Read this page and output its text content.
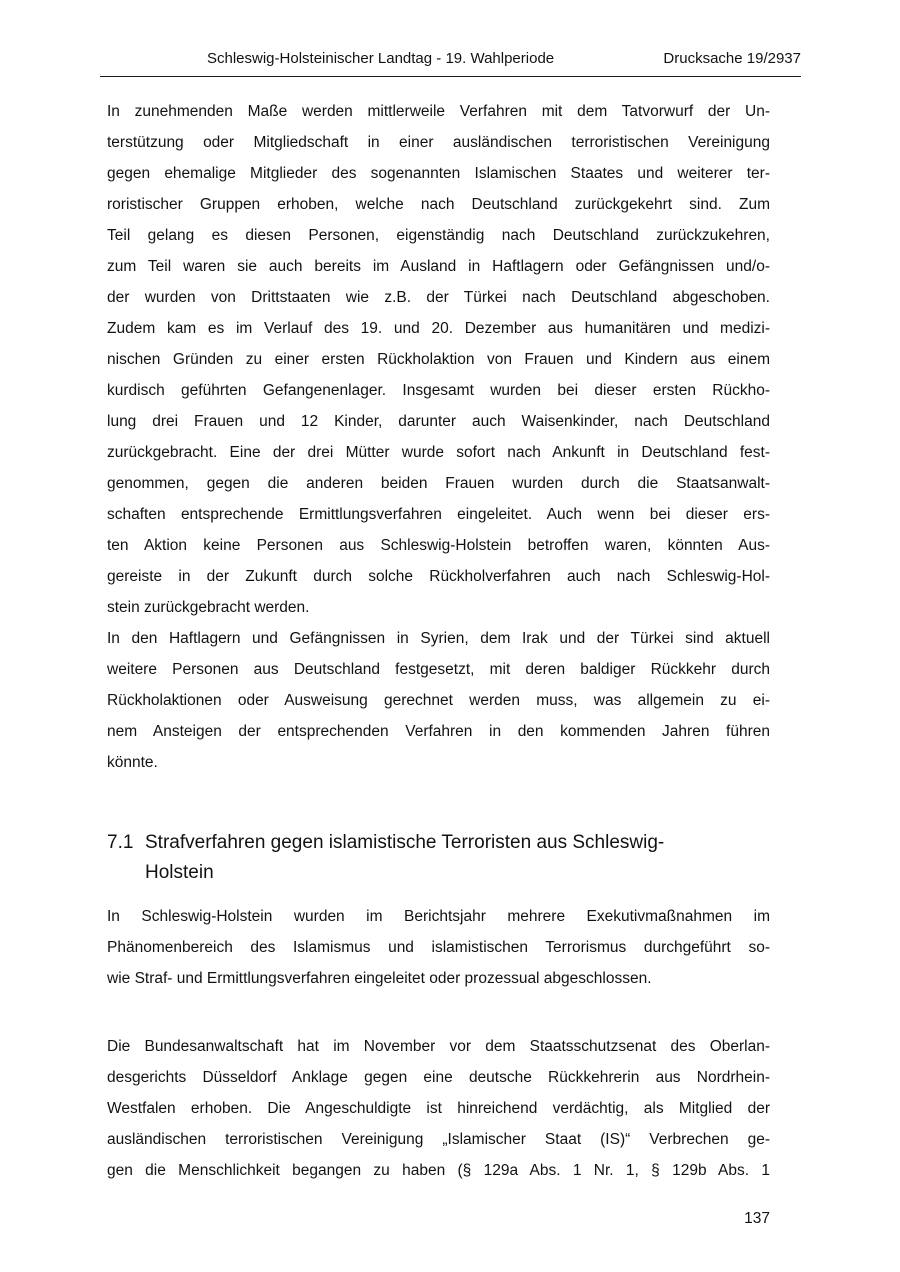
Schleswig-Holsteinischer Landtag - 19. Wahlperiode	Drucksache 19/2937
In zunehmenden Maße werden mittlerweile Verfahren mit dem Tatvorwurf der Un-
terstützung oder Mitgliedschaft in einer ausländischen terroristischen Vereinigung
gegen ehemalige Mitglieder des sogenannten Islamischen Staates und weiterer ter-
roristischer Gruppen erhoben, welche nach Deutschland zurückgekehrt sind. Zum
Teil gelang es diesen Personen, eigenständig nach Deutschland zurückzukehren,
zum Teil waren sie auch bereits im Ausland in Haftlagern oder Gefängnissen und/o-
der wurden von Drittstaaten wie z.B. der Türkei nach Deutschland abgeschoben.
Zudem kam es im Verlauf des 19. und 20. Dezember aus humanitären und medizi-
nischen Gründen zu einer ersten Rückholaktion von Frauen und Kindern aus einem
kurdisch geführten Gefangenenlager. Insgesamt wurden bei dieser ersten Rückho-
lung drei Frauen und 12 Kinder, darunter auch Waisenkinder, nach Deutschland
zurückgebracht. Eine der drei Mütter wurde sofort nach Ankunft in Deutschland fest-
genommen, gegen die anderen beiden Frauen wurden durch die Staatsanwalt-
schaften entsprechende Ermittlungsverfahren eingeleitet. Auch wenn bei dieser ers-
ten Aktion keine Personen aus Schleswig-Holstein betroffen waren, könnten Aus-
gereiste in der Zukunft durch solche Rückholverfahren auch nach Schleswig-Hol-
stein zurückgebracht werden.
In den Haftlagern und Gefängnissen in Syrien, dem Irak und der Türkei sind aktuell
weitere Personen aus Deutschland festgesetzt, mit deren baldiger Rückkehr durch
Rückholaktionen oder Ausweisung gerechnet werden muss, was allgemein zu ei-
nem Ansteigen der entsprechenden Verfahren in den kommenden Jahren führen
könnte.
7.1 Strafverfahren gegen islamistische Terroristen aus Schleswig-
Holstein
In Schleswig-Holstein wurden im Berichtsjahr mehrere Exekutivmaßnahmen im
Phänomenbereich des Islamismus und islamistischen Terrorismus durchgeführt so-
wie Straf- und Ermittlungsverfahren eingeleitet oder prozessual abgeschlossen.
Die Bundesanwaltschaft hat im November vor dem Staatsschutzsenat des Oberlan-
desgerichts Düsseldorf Anklage gegen eine deutsche Rückkehrerin aus Nordrhein-
Westfalen erhoben. Die Angeschuldigte ist hinreichend verdächtig, als Mitglied der
ausländischen terroristischen Vereinigung „Islamischer Staat (IS)“ Verbrechen ge-
gen die Menschlichkeit begangen zu haben (§ 129a Abs. 1 Nr. 1, § 129b Abs. 1
137
